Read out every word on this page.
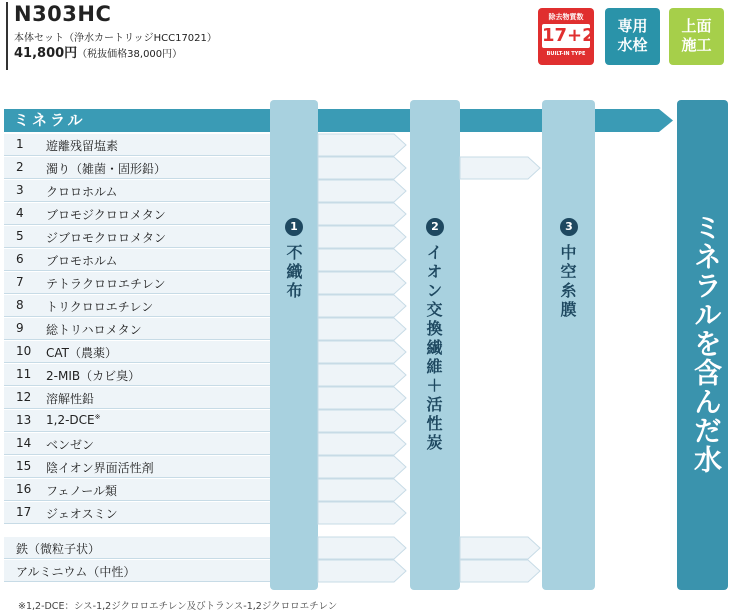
N303HC
本体セット（浄水カートリッジHCC17021）
41,800円（税抜価格38,000円）
除去物質数
17+2
BUILT-IN TYPE
専用
水栓
上面
施工
ミネラル
1 遊離残留塩素
2 濁り（雑菌・固形鉛）
3 クロロホルム
4 ブロモジクロロメタン
5 ジブロモクロロメタン
6 ブロモホルム
7 テトラクロロエチレン
8 トリクロロエチレン
9 総トリハロメタン
10 CAT（農薬）
11 2-MIB（カビ臭）
12 溶解性鉛
13 1,2-DCE※
14 ベンゼン
15 陰イオン界面活性剤
16 フェノール類
17 ジェオスミン
鉄（微粒子状）
アルミニウム（中性）
1
不織布
2
イオン交換繊維＋活性炭
3
中空糸膜	ミネラルを含んだ水
※1,2-DCE：シス-1,2ジクロロエチレン及びトランス-1,2ジクロロエチレン
